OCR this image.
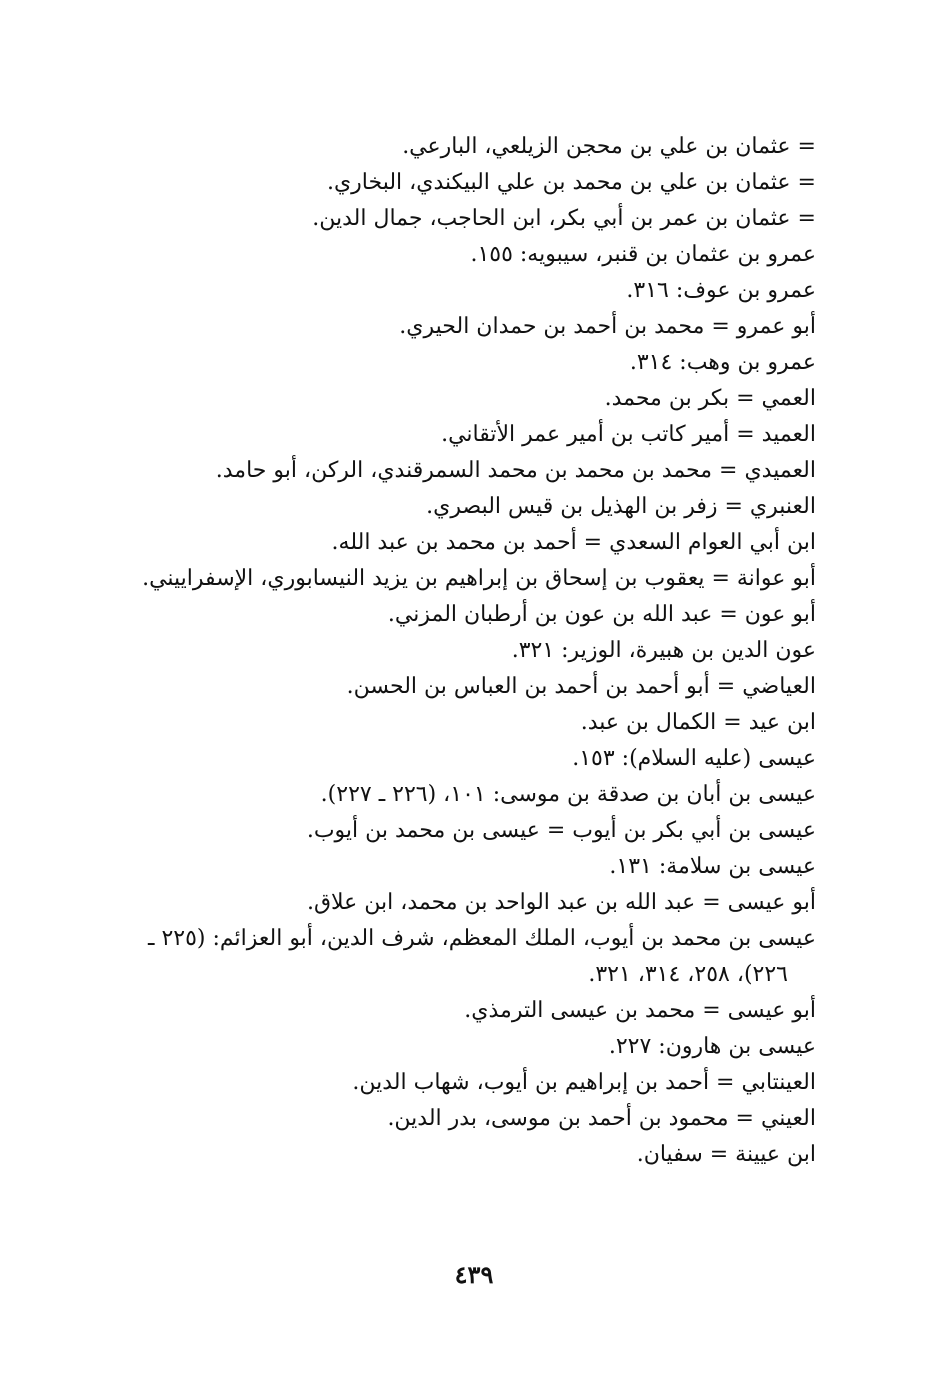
= عثمان بن علي بن محجن الزيلعي، البارعي.
= عثمان بن علي بن محمد بن علي البيكندي، البخاري.
= عثمان بن عمر بن أبي بكر، ابن الحاجب، جمال الدين.
عمرو بن عثمان بن قنبر، سيبويه: ١٥٥.
عمرو بن عوف: ٣١٦.
أبو عمرو = محمد بن أحمد بن حمدان الحيري.
عمرو بن وهب: ٣١٤.
العمي = بكر بن محمد.
العميد = أمير كاتب بن أمير عمر الأتقاني.
العميدي = محمد بن محمد بن محمد السمرقندي، الركن، أبو حامد.
العنبري = زفر بن الهذيل بن قيس البصري.
ابن أبي العوام السعدي = أحمد بن محمد بن عبد الله.
أبو عوانة = يعقوب بن إسحاق بن إبراهيم بن يزيد النيسابوري، الإسفراييني.
أبو عون = عبد الله بن عون بن أرطبان المزني.
عون الدين بن هبيرة، الوزير: ٣٢١.
العياضي = أبو أحمد بن أحمد بن العباس بن الحسن.
ابن عيد = الكمال بن عبد.
عيسى (عليه السلام): ١٥٣.
عيسى بن أبان بن صدقة بن موسى: ١٠١، (٢٢٦ ـ ٢٢٧).
عيسى بن أبي بكر بن أيوب = عيسى بن محمد بن أيوب.
عيسى بن سلامة: ١٣١.
أبو عيسى = عبد الله بن عبد الواحد بن محمد، ابن علاق.
عيسى بن محمد بن أيوب، الملك المعظم، شرف الدين، أبو العزائم: (٢٢٥ ـ
٢٢٦)، ٢٥٨، ٣١٤، ٣٢١.
أبو عيسى = محمد بن عيسى الترمذي.
عيسى بن هارون: ٢٢٧.
العينتابي = أحمد بن إبراهيم بن أيوب، شهاب الدين.
العيني = محمود بن أحمد بن موسى، بدر الدين.
ابن عيينة = سفيان.
٤٣٩
